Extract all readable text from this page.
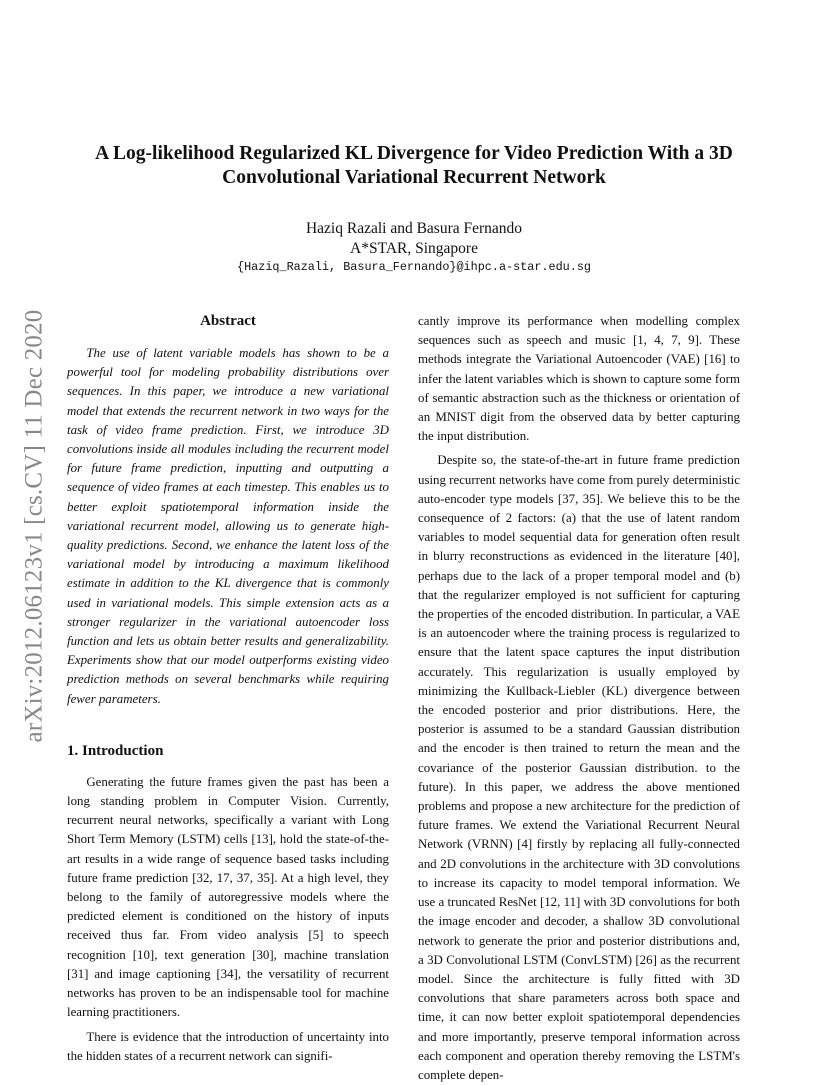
arXiv:2012.06123v1 [cs.CV] 11 Dec 2020
A Log-likelihood Regularized KL Divergence for Video Prediction With a 3D
Convolutional Variational Recurrent Network
Haziq Razali and Basura Fernando
A*STAR, Singapore
{Haziq_Razali, Basura_Fernando}@ihpc.a-star.edu.sg
Abstract

The use of latent variable models has shown to be a powerful tool for modeling probability distributions over sequences. In this paper, we introduce a new variational model that extends the recurrent network in two ways for the task of video frame prediction. First, we introduce 3D convolutions inside all modules including the recurrent model for future frame prediction, inputting and outputting a sequence of video frames at each timestep. This enables us to better exploit spatiotemporal information inside the variational recurrent model, allowing us to generate high-quality predictions. Second, we enhance the latent loss of the variational model by introducing a maximum likelihood estimate in addition to the KL divergence that is commonly used in variational models. This simple extension acts as a stronger regularizer in the variational autoencoder loss function and lets us obtain better results and generalizability. Experiments show that our model outperforms existing video prediction methods on several benchmarks while requiring fewer parameters.

1. Introduction

Generating the future frames given the past has been a long standing problem in Computer Vision. Currently, recurrent neural networks, specifically a variant with Long Short Term Memory (LSTM) cells [13], hold the state-of-the-art results in a wide range of sequence based tasks including future frame prediction [32, 17, 37, 35]. At a high level, they belong to the family of autoregressive models where the predicted element is conditioned on the history of inputs received thus far. From video analysis [5] to speech recognition [10], text generation [30], machine translation [31] and image captioning [34], the versatility of recurrent networks has proven to be an indispensable tool for machine learning practitioners.

There is evidence that the introduction of uncertainty into the hidden states of a recurrent network can signifi-

cantly improve its performance when modelling complex sequences such as speech and music [1, 4, 7, 9]. These methods integrate the Variational Autoencoder (VAE) [16] to infer the latent variables which is shown to capture some form of semantic abstraction such as the thickness or orientation of an MNIST digit from the observed data by better capturing the input distribution.

Despite so, the state-of-the-art in future frame prediction using recurrent networks have come from purely deterministic auto-encoder type models [37, 35]. We believe this to be the consequence of 2 factors: (a) that the use of latent random variables to model sequential data for generation often result in blurry reconstructions as evidenced in the literature [40], perhaps due to the lack of a proper temporal model and (b) that the regularizer employed is not sufficient for capturing the properties of the encoded distribution. In particular, a VAE is an autoencoder where the training process is regularized to ensure that the latent space captures the input distribution accurately. This regularization is usually employed by minimizing the Kullback-Liebler (KL) divergence between the encoded posterior and prior distributions. Here, the posterior is assumed to be a standard Gaussian distribution and the encoder is then trained to return the mean and the covariance of the posterior Gaussian distribution. to the future). In this paper, we address the above mentioned problems and propose a new architecture for the prediction of future frames. We extend the Variational Recurrent Neural Network (VRNN) [4] firstly by replacing all fully-connected and 2D convolutions in the architecture with 3D convolutions to increase its capacity to model temporal information. We use a truncated ResNet [12, 11] with 3D convolutions for both the image encoder and decoder, a shallow 3D convolutional network to generate the prior and posterior distributions and, a 3D Convolutional LSTM (ConvLSTM) [26] as the recurrent model. Since the architecture is fully fitted with 3D convolutions that share parameters across both space and time, it can now better exploit spatiotemporal dependencies and more importantly, preserve temporal information across each component and operation thereby removing the LSTM's complete depen-
